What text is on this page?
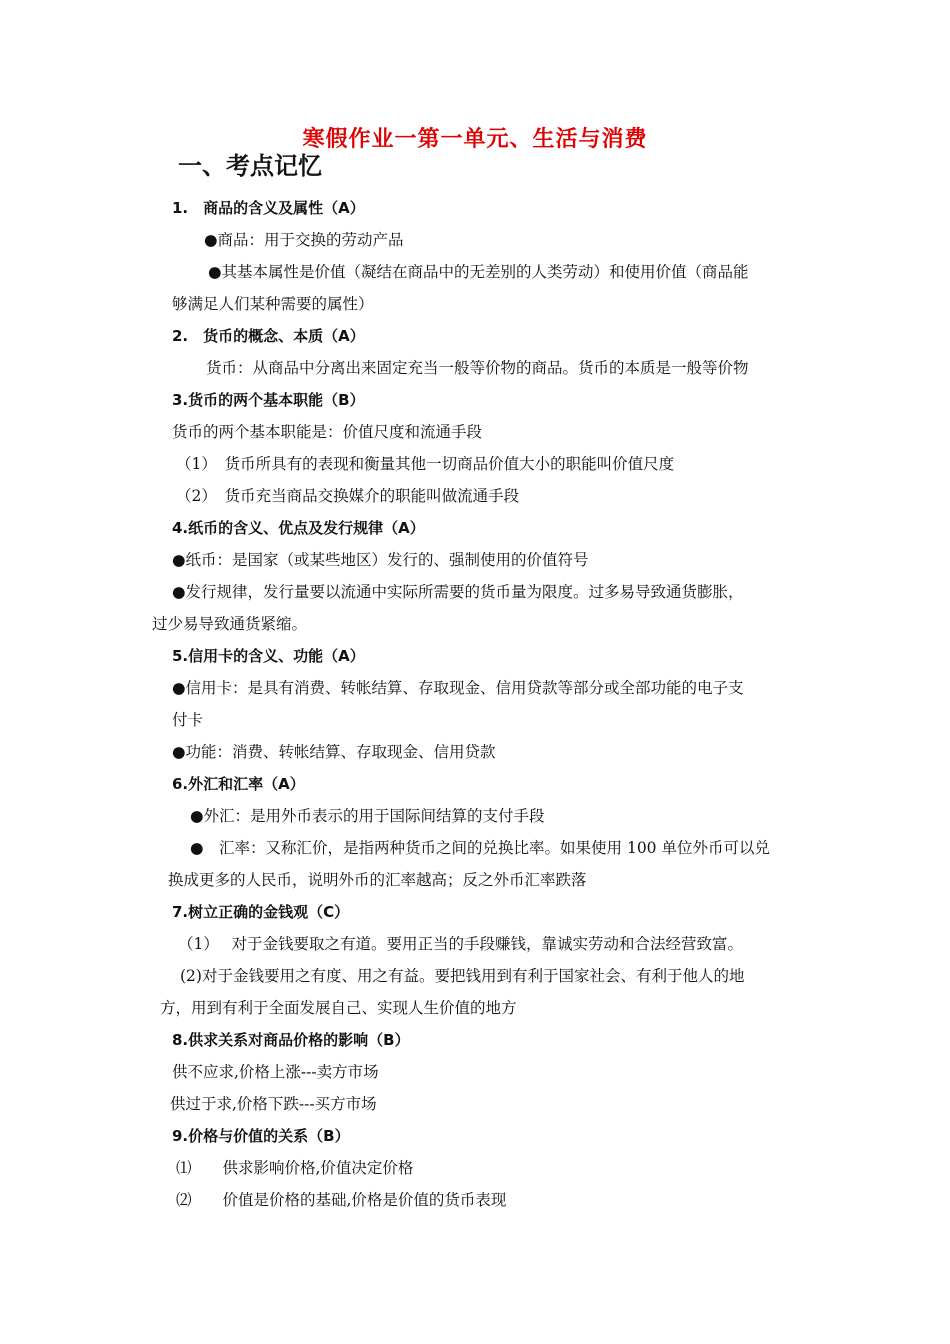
寒假作业一第一单元、生活与消费
一、考点记忆
1.　商品的含义及属性（A）
●商品：用于交换的劳动产品
●其基本属性是价值（凝结在商品中的无差别的人类劳动）和使用价值（商品能
够满足人们某种需要的属性）
2.　货币的概念、本质（A）
货币：从商品中分离出来固定充当一般等价物的商品。货币的本质是一般等价物
3.货币的两个基本职能（B）
货币的两个基本职能是：价值尺度和流通手段
（1）　货币所具有的表现和衡量其他一切商品价值大小的职能叫价值尺度
（2）　货币充当商品交换媒介的职能叫做流通手段
4.纸币的含义、优点及发行规律（A）
●纸币：是国家（或某些地区）发行的、强制使用的价值符号
●发行规律，发行量要以流通中实际所需要的货币量为限度。过多易导致通货膨胀，
过少易导致通货紧缩。
5.信用卡的含义、功能（A）
●信用卡：是具有消费、转帐结算、存取现金、信用贷款等部分或全部功能的电子支
付卡
●功能：消费、转帐结算、存取现金、信用贷款
6.外汇和汇率（A）
●外汇：是用外币表示的用于国际间结算的支付手段
●　汇率：又称汇价，是指两种货币之间的兑换比率。如果使用 100 单位外币可以兑
换成更多的人民币，说明外币的汇率越高；反之外币汇率跌落
7.树立正确的金钱观（C）
（1）　 对于金钱要取之有道。要用正当的手段赚钱，靠诚实劳动和合法经营致富。
(2)对于金钱要用之有度、用之有益。要把钱用到有利于国家社会、有利于他人的地
方，用到有利于全面发展自己、实现人生价值的地方
8.供求关系对商品价格的影响（B）
供不应求,价格上涨---卖方市场
供过于求,价格下跌---买方市场
9.价格与价值的关系（B）
⑴　　供求影响价格,价值决定价格
⑵　　价值是价格的基础,价格是价值的货币表现
